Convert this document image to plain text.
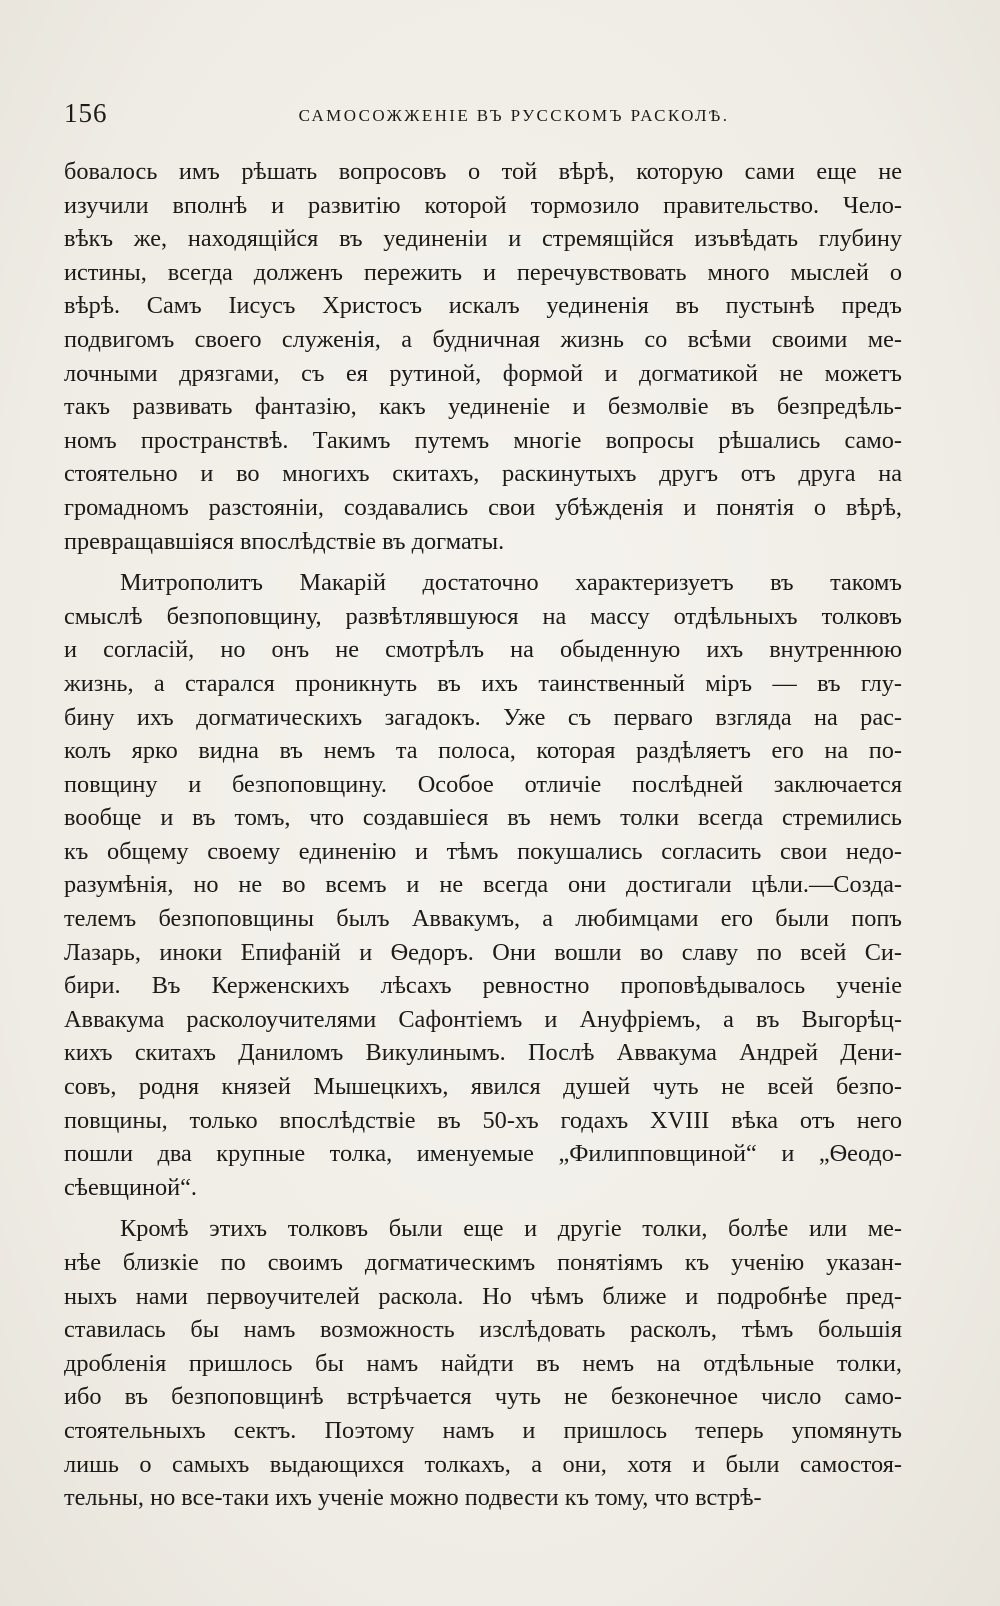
156	САМОСОЖЖЕНІЕ ВЪ РУССКОМЪ РАСКОЛѢ.
бовалось имъ рѣшать вопросовъ о той вѣрѣ, которую сами еще не
изучили вполнѣ и развитію которой тормозило правительство. Чело-
вѣкъ же, находящійся въ уединеніи и стремящійся изъвѣдать глубину
истины, всегда долженъ пережить и перечувствовать много мыслей о
вѣрѣ. Самъ Іисусъ Христосъ искалъ уединенія въ пустынѣ предъ
подвигомъ своего служенія, а будничная жизнь со всѣми своими ме-
лочными дрязгами, съ ея рутиной, формой и догматикой не можетъ
такъ развивать фантазію, какъ уединеніе и безмолвіе въ безпредѣль-
номъ пространствѣ. Такимъ путемъ многіе вопросы рѣшались само-
стоятельно и во многихъ скитахъ, раскинутыхъ другъ отъ друга на
громадномъ разстояніи, создавались свои убѣжденія и понятія о вѣрѣ,
превращавшіяся впослѣдствіе въ догматы.
Митрополитъ Макарій достаточно характеризуетъ въ такомъ
смыслѣ безпоповщину, развѣтлявшуюся на массу отдѣльныхъ толковъ
и согласій, но онъ не смотрѣлъ на обыденную ихъ внутреннюю
жизнь, а старался проникнуть въ ихъ таинственный міръ — въ глу-
бину ихъ догматическихъ загадокъ. Уже съ перваго взгляда на рас-
колъ ярко видна въ немъ та полоса, которая раздѣляетъ его на по-
повщину и безпоповщину. Особое отличіе послѣдней заключается
вообще и въ томъ, что создавшіеся въ немъ толки всегда стремились
къ общему своему единенію и тѣмъ покушались согласить свои недо-
разумѣнія, но не во всемъ и не всегда они достигали цѣли.—Созда-
телемъ безпоповщины былъ Аввакумъ, а любимцами его были попъ
Лазарь, иноки Епифаній и Ѳедоръ. Они вошли во славу по всей Си-
бири. Въ Керженскихъ лѣсахъ ревностно проповѣдывалось ученіе
Аввакума расколоучителями Сафонтіемъ и Ануфріемъ, а въ Выгорѣц-
кихъ скитахъ Даниломъ Викулинымъ. Послѣ Аввакума Андрей Дени-
совъ, родня князей Мышецкихъ, явился душей чуть не всей безпо-
повщины, только впослѣдствіе въ 50-хъ годахъ XVIII вѣка отъ него
пошли два крупные толка, именуемые „Филипповщиной“ и „Ѳеодо-
сѣевщиной“.
Кромѣ этихъ толковъ были еще и другіе толки, болѣе или ме-
нѣе близкіе по своимъ догматическимъ понятіямъ къ ученію указан-
ныхъ нами первоучителей раскола. Но чѣмъ ближе и подробнѣе пред-
ставилась бы намъ возможность изслѣдовать расколъ, тѣмъ большія
дробленія пришлось бы намъ найдти въ немъ на отдѣльные толки,
ибо въ безпоповщинѣ встрѣчается чуть не безконечное число само-
стоятельныхъ сектъ. Поэтому намъ и пришлось теперь упомянуть
лишь о самыхъ выдающихся толкахъ, а они, хотя и были самостоя-
тельны, но все-таки ихъ ученіе можно подвести къ тому, что встрѣ-
